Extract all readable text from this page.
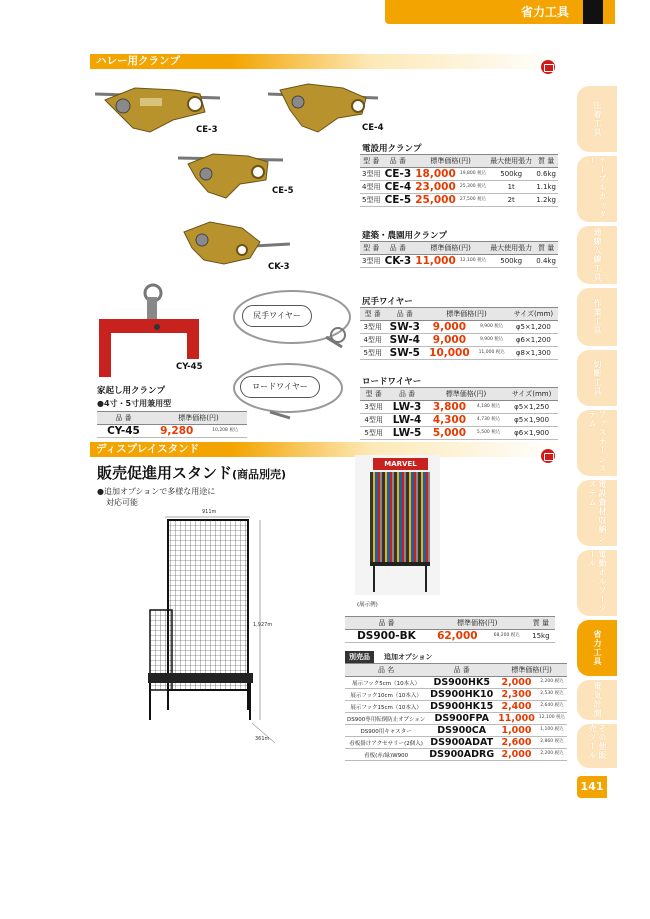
省力工具
ハレー用クランプ
CE-3	CE-4
CE-5
CK-3
CY-45
尻手ワイヤー
ロードワイヤー
電設用クランプ
型 番	品 番	標準価格(円)		最大使用張力	質 量
3型用	CE-3	18,000	19,800 税込	500kg	0.6kg
4型用	CE-4	23,000	25,300 税込	1t	1.1kg
5型用	CE-5	25,000	27,500 税込	2t	1.2kg
建築・農園用クランプ
型 番	品 番	標準価格(円)		最大使用張力	質 量
3型用	CK-3	11,000	12,100 税込	500kg	0.4kg
尻手ワイヤー
型 番	品 番	標準価格(円)		サイズ(mm)
3型用	SW-3	9,000	9,900 税込	φ5×1,200
4型用	SW-4	9,000	9,900 税込	φ6×1,200
5型用	SW-5	10,000	11,000 税込	φ8×1,300
ロードワイヤー
型 番	品 番	標準価格(円)		サイズ(mm)
3型用	LW-3	3,800	4,180 税込	φ5×1,250
4型用	LW-4	4,300	4,730 税込	φ5×1,900
5型用	LW-5	5,000	5,500 税込	φ6×1,900
家起し用クランプ
●4寸・5寸用兼用型
品 番	標準価格(円)	
CY-45	9,280	10,208 税込
ディスプレイスタンド
販売促進用スタンド(商品別売)
●追加オプションで多様な用途に
対応可能
911m
1,927m
361m
MARVEL
(展示例)
品 番	標準価格(円)		質 量
DS900-BK	62,000	68,200 税込	15kg
別売品	追加オプション
品 名	品 番	標準価格(円)	
展示フック5cm（10本入）	DS900HK5	2,000	2,200 税込
展示フック10cm（10本入）	DS900HK10	2,300	2,530 税込
展示フック15cm（10本入）	DS900HK15	2,400	2,640 税込
DS900専用転倒防止オプション	DS900FPA	11,000	12,100 税込
DS900用キャスター	DS900CA	1,000	1,100 税込
看板掛けアクセサリー(2個入)	DS900ADAT	2,600	2,860 税込
看板(赤/緑)W900	DS900ADRG	2,000	2,200 税込
圧着工具
ケーブルカッター
通線入線工具
作業工具
切断工具
ファスナーシステム
電設資材収納システム
電動ホルソーツール
省力工具
電気計測
その他販売ツール
141
